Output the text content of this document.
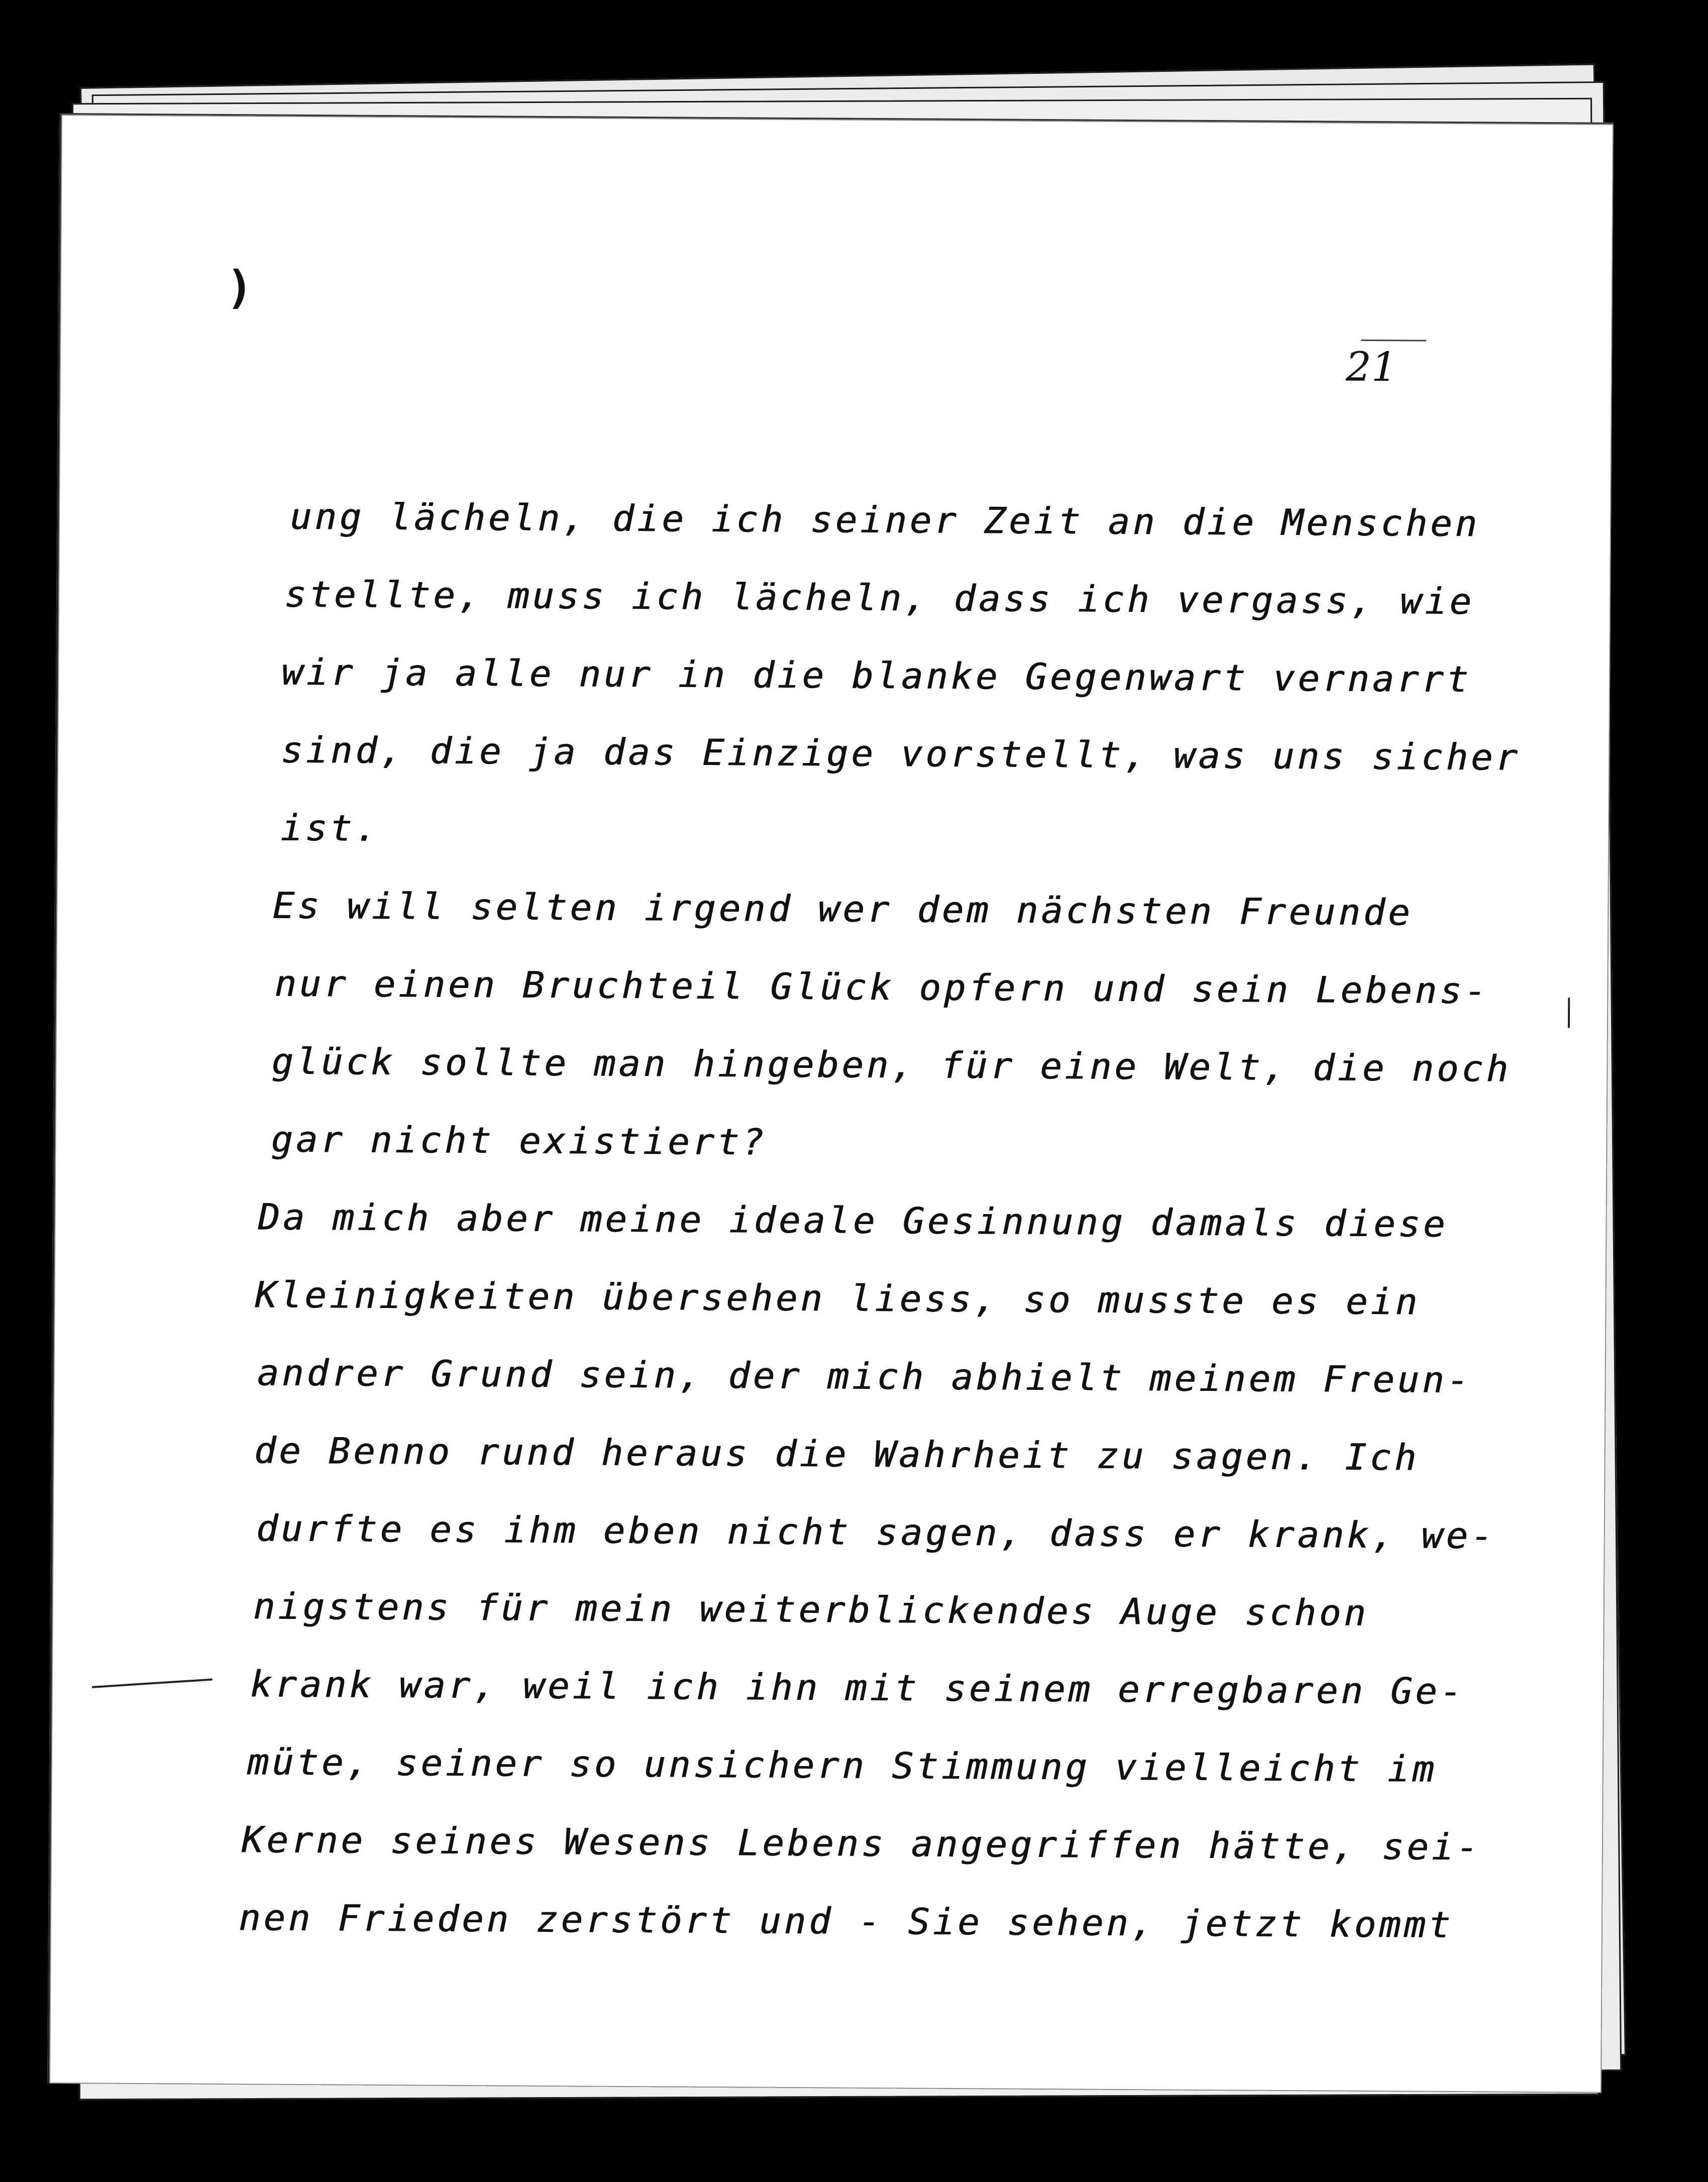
)
21
ung lächeln, die ich seiner Zeit an die Menschen
stellte, muss ich lächeln, dass ich vergass, wie
wir ja alle nur in die blanke Gegenwart vernarrt
sind, die ja das Einzige vorstellt, was uns sicher
ist.
Es will selten irgend wer dem nächsten Freunde
nur einen Bruchteil Glück opfern und sein Lebens-
glück sollte man hingeben, für eine Welt, die noch
gar nicht existiert?
Da mich aber meine ideale Gesinnung damals diese
Kleinigkeiten übersehen liess, so musste es ein
andrer Grund sein, der mich abhielt meinem Freun-
de Benno rund heraus die Wahrheit zu sagen. Ich
durfte es ihm eben nicht sagen, dass er krank, we-
nigstens für mein weiterblickendes Auge schon
krank war, weil ich ihn mit seinem erregbaren Ge-
müte, seiner so unsichern Stimmung vielleicht im
Kerne seines Wesens Lebens angegriffen hätte, sei-
nen Frieden zerstört und - Sie sehen, jetzt kommt
